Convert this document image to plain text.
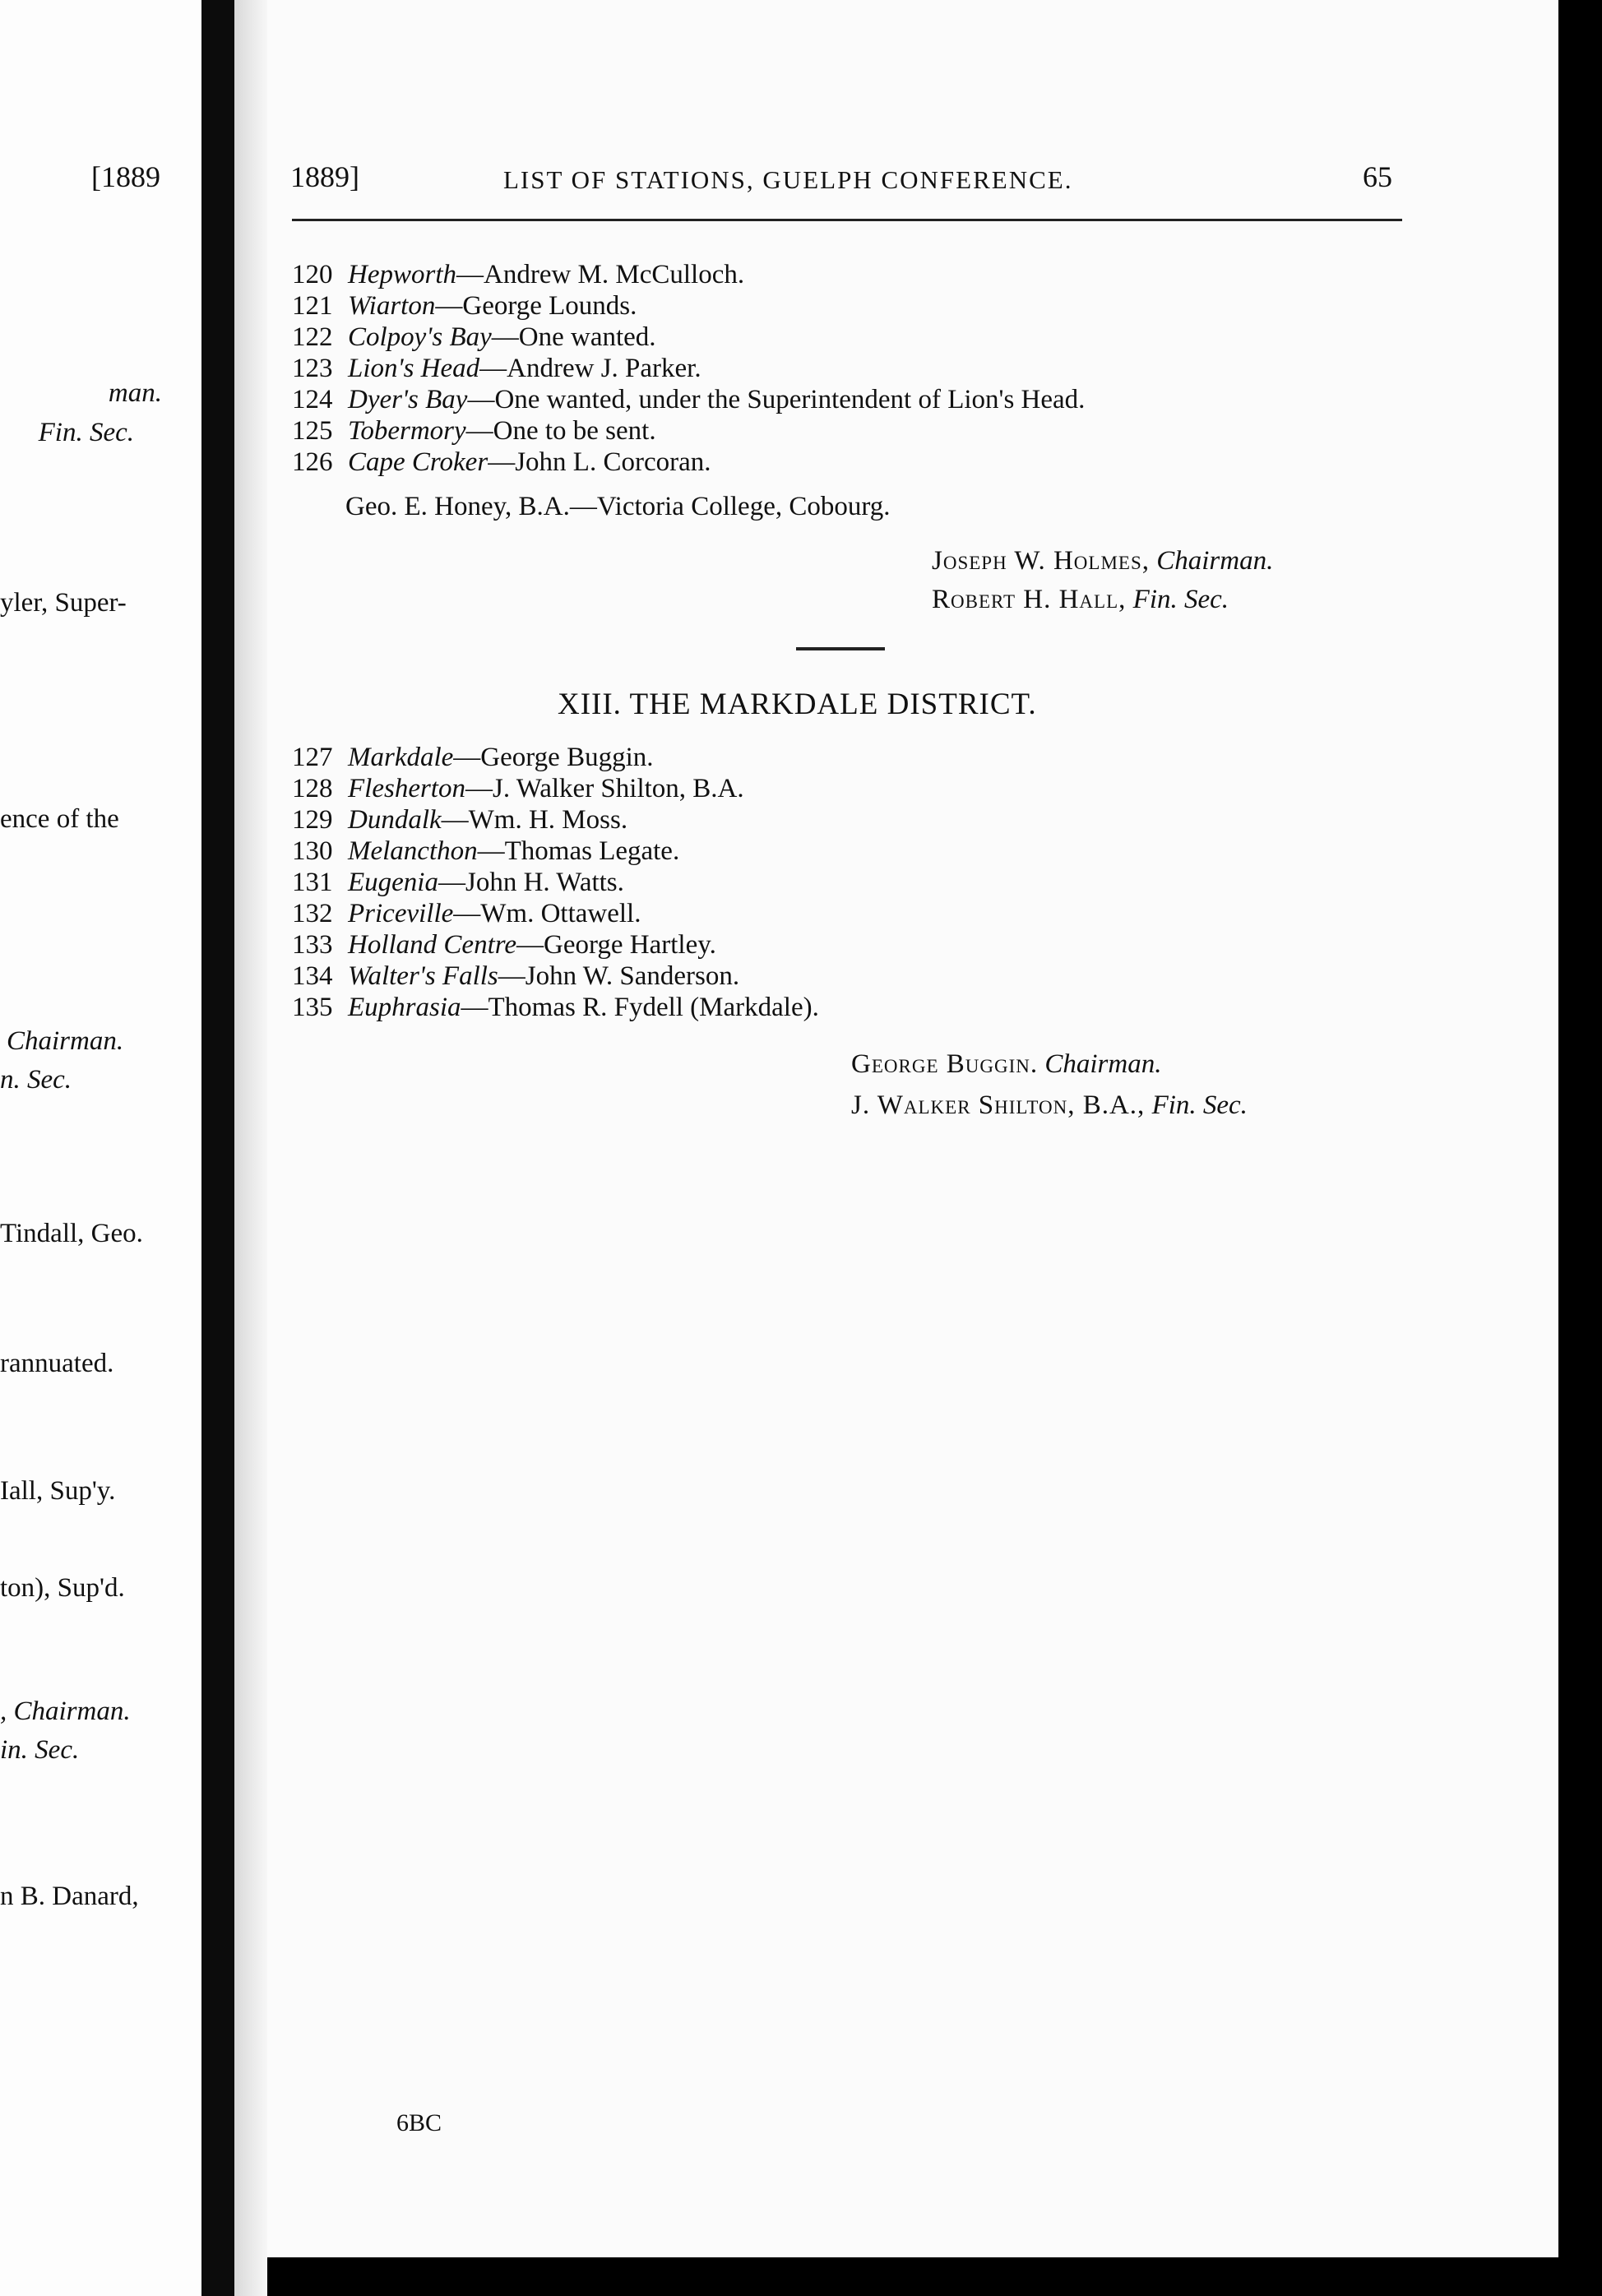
[1889
man.
Fin. Sec.
yler, Super-
ence of the
Chairman.
n. Sec.
Tindall, Geo.
rannuated.
Iall, Sup'y.
ton), Sup'd.
, Chairman.
in. Sec.
n B. Danard,
1889]	LIST OF STATIONS, GUELPH CONFERENCE.	65
120 Hepworth—Andrew M. McCulloch.
121 Wiarton—George Lounds.
122 Colpoy's Bay—One wanted.
123 Lion's Head—Andrew J. Parker.
124 Dyer's Bay—One wanted, under the Superintendent of Lion's Head.
125 Tobermory—One to be sent.
126 Cape Croker—John L. Corcoran.
Geo. E. Honey, B.A.—Victoria College, Cobourg.
Joseph W. Holmes, Chairman.
Robert H. Hall, Fin. Sec.
XIII. THE MARKDALE DISTRICT.
127 Markdale—George Buggin.
128 Flesherton—J. Walker Shilton, B.A.
129 Dundalk—Wm. H. Moss.
130 Melancthon—Thomas Legate.
131 Eugenia—John H. Watts.
132 Priceville—Wm. Ottawell.
133 Holland Centre—George Hartley.
134 Walter's Falls—John W. Sanderson.
135 Euphrasia—Thomas R. Fydell (Markdale).
George Buggin. Chairman.
J. Walker Shilton, B.A., Fin. Sec.
6BC
